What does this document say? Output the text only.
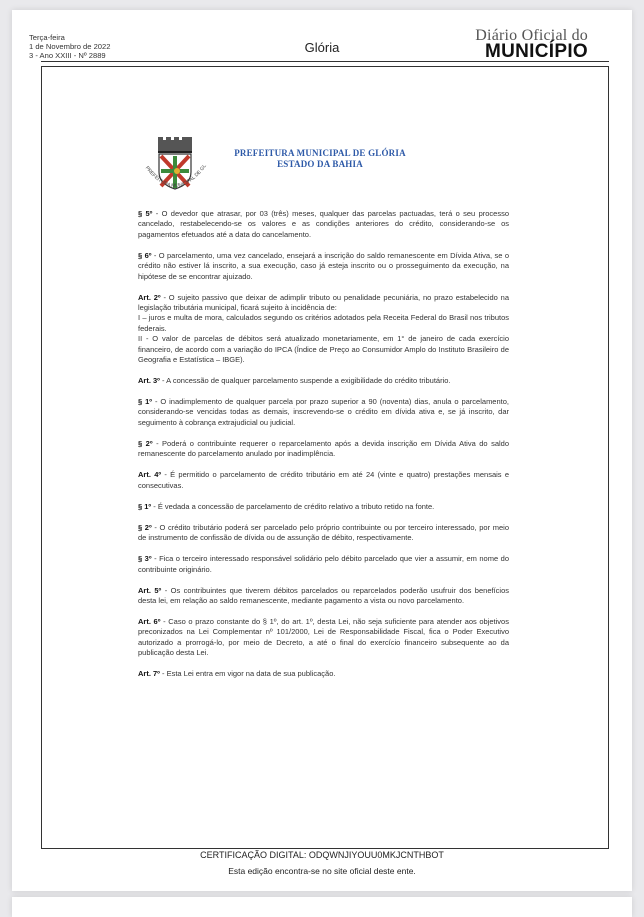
Terça-feira
1 de Novembro de 2022
3 - Ano XXIII - Nº 2889
Glória
Diário Oficial do
MUNICÍPIO
PREFEITURA MUNICIPAL DE GL
PREFEITURA MUNICIPAL DE GLÓRIA
ESTADO DA BAHIA

§ 5º - O devedor que atrasar, por 03 (três) meses, qualquer das parcelas pactuadas, terá o seu processo cancelado, restabelecendo-se os valores e as condições anteriores do crédito, considerando-se os pagamentos efetuados até a data do cancelamento.

§ 6º - O parcelamento, uma vez cancelado, ensejará a inscrição do saldo remanescente em Dívida Ativa, se o crédito não estiver lá inscrito, a sua execução, caso já esteja inscrito ou o prosseguimento da execução, na hipótese de se encontrar ajuizado.

Art. 2º - O sujeito passivo que deixar de adimplir tributo ou penalidade pecuniária, no prazo estabelecido na legislação tributária municipal, ficará sujeito à incidência de:
I – juros e multa de mora, calculados segundo os critérios adotados pela Receita Federal do Brasil nos tributos federais.
II - O valor de parcelas de débitos será atualizado monetariamente, em 1° de janeiro de cada exercício financeiro, de acordo com a variação do IPCA (Índice de Preço ao Consumidor Amplo do Instituto Brasileiro de Geografia e Estatística – IBGE).

Art. 3º - A concessão de qualquer parcelamento suspende a exigibilidade do crédito tributário.

§ 1º - O inadimplemento de qualquer parcela por prazo superior a 90 (noventa) dias, anula o parcelamento, considerando-se vencidas todas as demais, inscrevendo-se o crédito em dívida ativa e, se já inscrito, dar seguimento à cobrança extrajudicial ou judicial.

§ 2º - Poderá o contribuinte requerer o reparcelamento após a devida inscrição em Dívida Ativa do saldo remanescente do parcelamento anulado por inadimplência.

Art. 4º - É permitido o parcelamento de crédito tributário em até 24 (vinte e quatro) prestações mensais e consecutivas.

§ 1º - É vedada a concessão de parcelamento de crédito relativo a tributo retido na fonte.

§ 2º - O crédito tributário poderá ser parcelado pelo próprio contribuinte ou por terceiro interessado, por meio de instrumento de confissão de dívida ou de assunção de débito, respectivamente.

§ 3º - Fica o terceiro interessado responsável solidário pelo débito parcelado que vier a assumir, em nome do contribuinte originário.

Art. 5º - Os contribuintes que tiverem débitos parcelados ou reparcelados poderão usufruir dos benefícios desta lei, em relação ao saldo remanescente, mediante pagamento a vista ou novo parcelamento.

Art. 6º - Caso o prazo constante do § 1º, do art. 1º, desta Lei, não seja suficiente para atender aos objetivos preconizados na Lei Complementar nº 101/2000, Lei de Responsabilidade Fiscal, fica o Poder Executivo autorizado a prorrogá-lo, por meio de Decreto, a até o final do exercício financeiro subsequente ao da publicação desta Lei.

Art. 7º - Esta Lei entra em vigor na data de sua publicação.

CERTIFICAÇÃO DIGITAL: ODQWNJIYOUU0MKJCNTHBOT
Esta edição encontra-se no site oficial deste ente.
